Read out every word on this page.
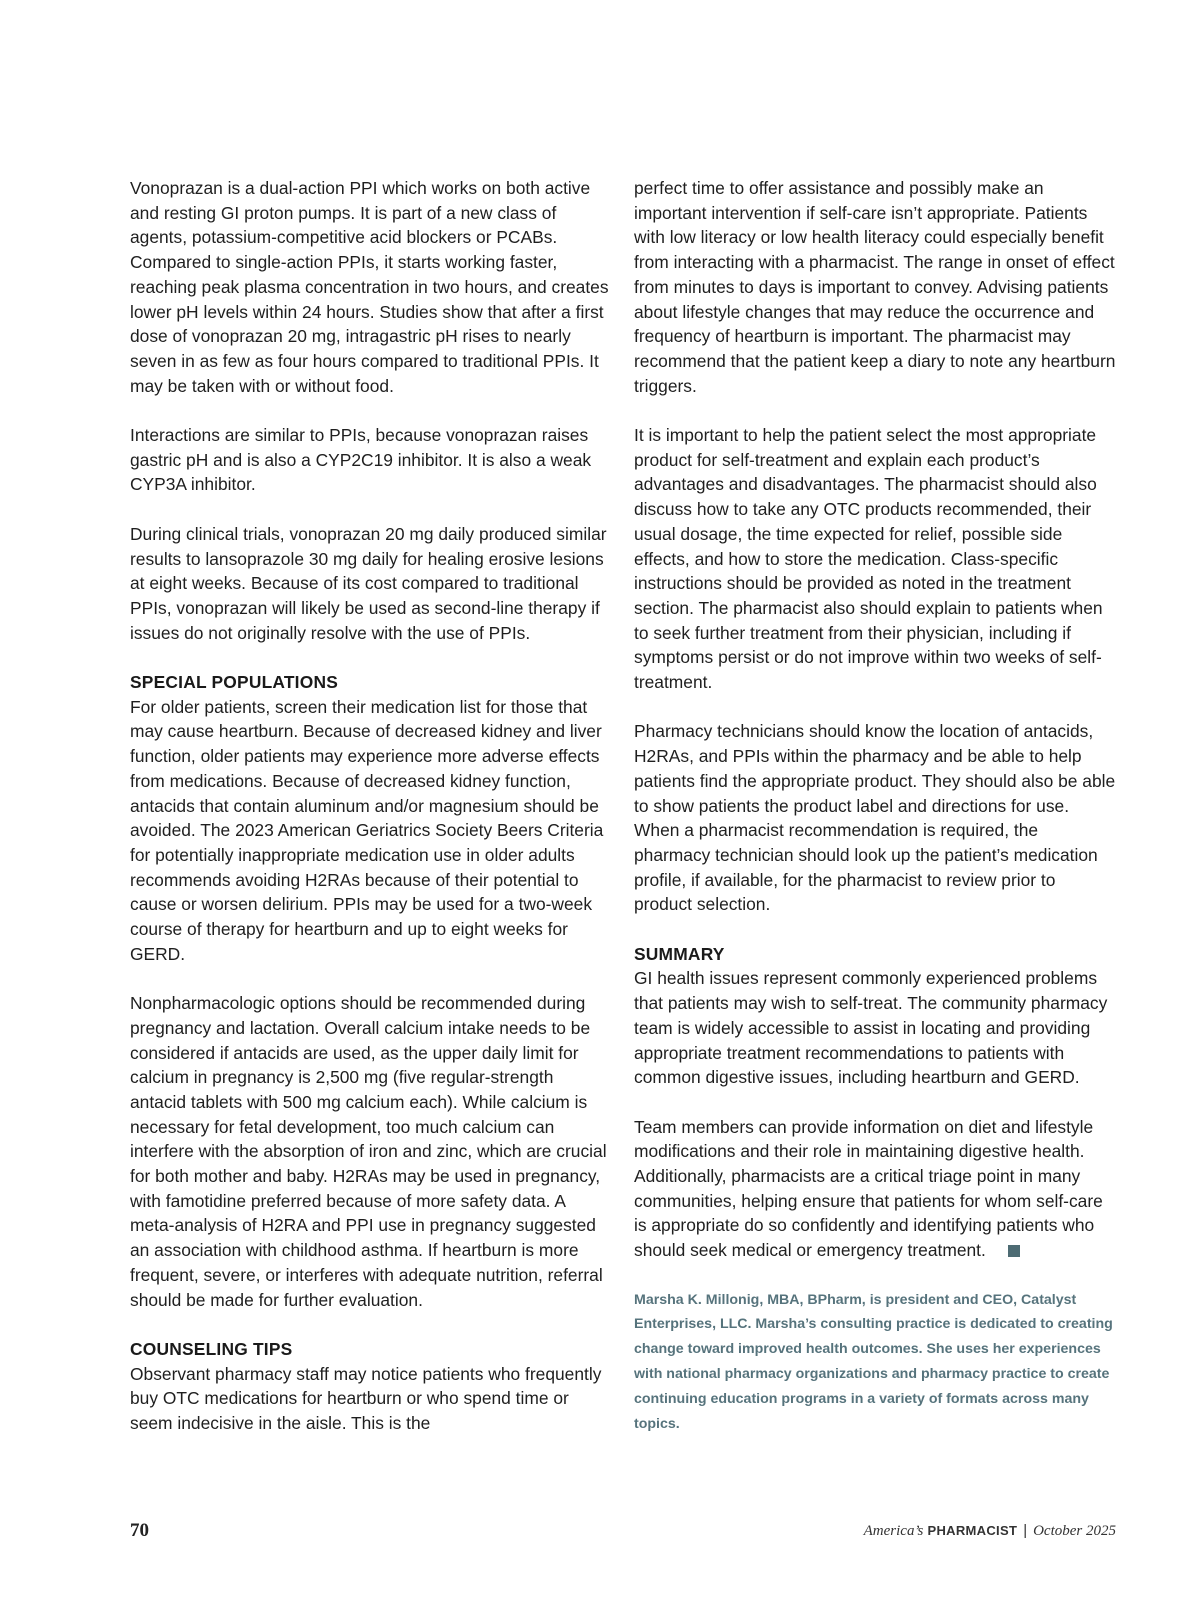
Vonoprazan is a dual-action PPI which works on both active and resting GI proton pumps. It is part of a new class of agents, potassium-competitive acid blockers or PCABs. Compared to single-action PPIs, it starts working faster, reaching peak plasma concentration in two hours, and creates lower pH levels within 24 hours. Studies show that after a first dose of vonoprazan 20 mg, intragastric pH rises to nearly seven in as few as four hours compared to traditional PPIs. It may be taken with or without food.

Interactions are similar to PPIs, because vonoprazan raises gastric pH and is also a CYP2C19 inhibitor. It is also a weak CYP3A inhibitor.

During clinical trials, vonoprazan 20 mg daily produced similar results to lansoprazole 30 mg daily for healing erosive lesions at eight weeks. Because of its cost compared to traditional PPIs, vonoprazan will likely be used as second-line therapy if issues do not originally resolve with the use of PPIs.

SPECIAL POPULATIONS

For older patients, screen their medication list for those that may cause heartburn. Because of decreased kidney and liver function, older patients may experience more adverse effects from medications. Because of decreased kidney function, antacids that contain aluminum and/or magnesium should be avoided. The 2023 American Geriatrics Society Beers Criteria for potentially inappropriate medication use in older adults recommends avoiding H2RAs because of their potential to cause or worsen delirium. PPIs may be used for a two-week course of therapy for heartburn and up to eight weeks for GERD.

Nonpharmacologic options should be recommended during pregnancy and lactation. Overall calcium intake needs to be considered if antacids are used, as the upper daily limit for calcium in pregnancy is 2,500 mg (five regular-strength antacid tablets with 500 mg calcium each). While calcium is necessary for fetal development, too much calcium can interfere with the absorption of iron and zinc, which are crucial for both mother and baby. H2RAs may be used in pregnancy, with famotidine preferred because of more safety data. A meta-analysis of H2RA and PPI use in pregnancy suggested an association with childhood asthma. If heartburn is more frequent, severe, or interferes with adequate nutrition, referral should be made for further evaluation.

COUNSELING TIPS

Observant pharmacy staff may notice patients who frequently buy OTC medications for heartburn or who spend time or seem indecisive in the aisle. This is the

perfect time to offer assistance and possibly make an important intervention if self-care isn’t appropriate. Patients with low literacy or low health literacy could especially benefit from interacting with a pharmacist. The range in onset of effect from minutes to days is important to convey. Advising patients about lifestyle changes that may reduce the occurrence and frequency of heartburn is important. The pharmacist may recommend that the patient keep a diary to note any heartburn triggers.

It is important to help the patient select the most appropriate product for self-treatment and explain each product’s advantages and disadvantages. The pharmacist should also discuss how to take any OTC products recommended, their usual dosage, the time expected for relief, possible side effects, and how to store the medication. Class-specific instructions should be provided as noted in the treatment section. The pharmacist also should explain to patients when to seek further treatment from their physician, including if symptoms persist or do not improve within two weeks of self-treatment.

Pharmacy technicians should know the location of antacids, H2RAs, and PPIs within the pharmacy and be able to help patients find the appropriate product. They should also be able to show patients the product label and directions for use. When a pharmacist recommendation is required, the pharmacy technician should look up the patient’s medication profile, if available, for the pharmacist to review prior to product selection.

SUMMARY

GI health issues represent commonly experienced problems that patients may wish to self-treat. The community pharmacy team is widely accessible to assist in locating and providing appropriate treatment recommendations to patients with common digestive issues, including heartburn and GERD.

Team members can provide information on diet and lifestyle modifications and their role in maintaining digestive health. Additionally, pharmacists are a critical triage point in many communities, helping ensure that patients for whom self-care is appropriate do so confidently and identifying patients who should seek medical or emergency treatment.

Marsha K. Millonig, MBA, BPharm, is president and CEO, Catalyst Enterprises, LLC. Marsha’s consulting practice is dedicated to creating change toward improved health outcomes. She uses her experiences with national pharmacy organizations and pharmacy practice to create continuing education programs in a variety of formats across many topics.

70	America’s PHARMACIST | October 2025
